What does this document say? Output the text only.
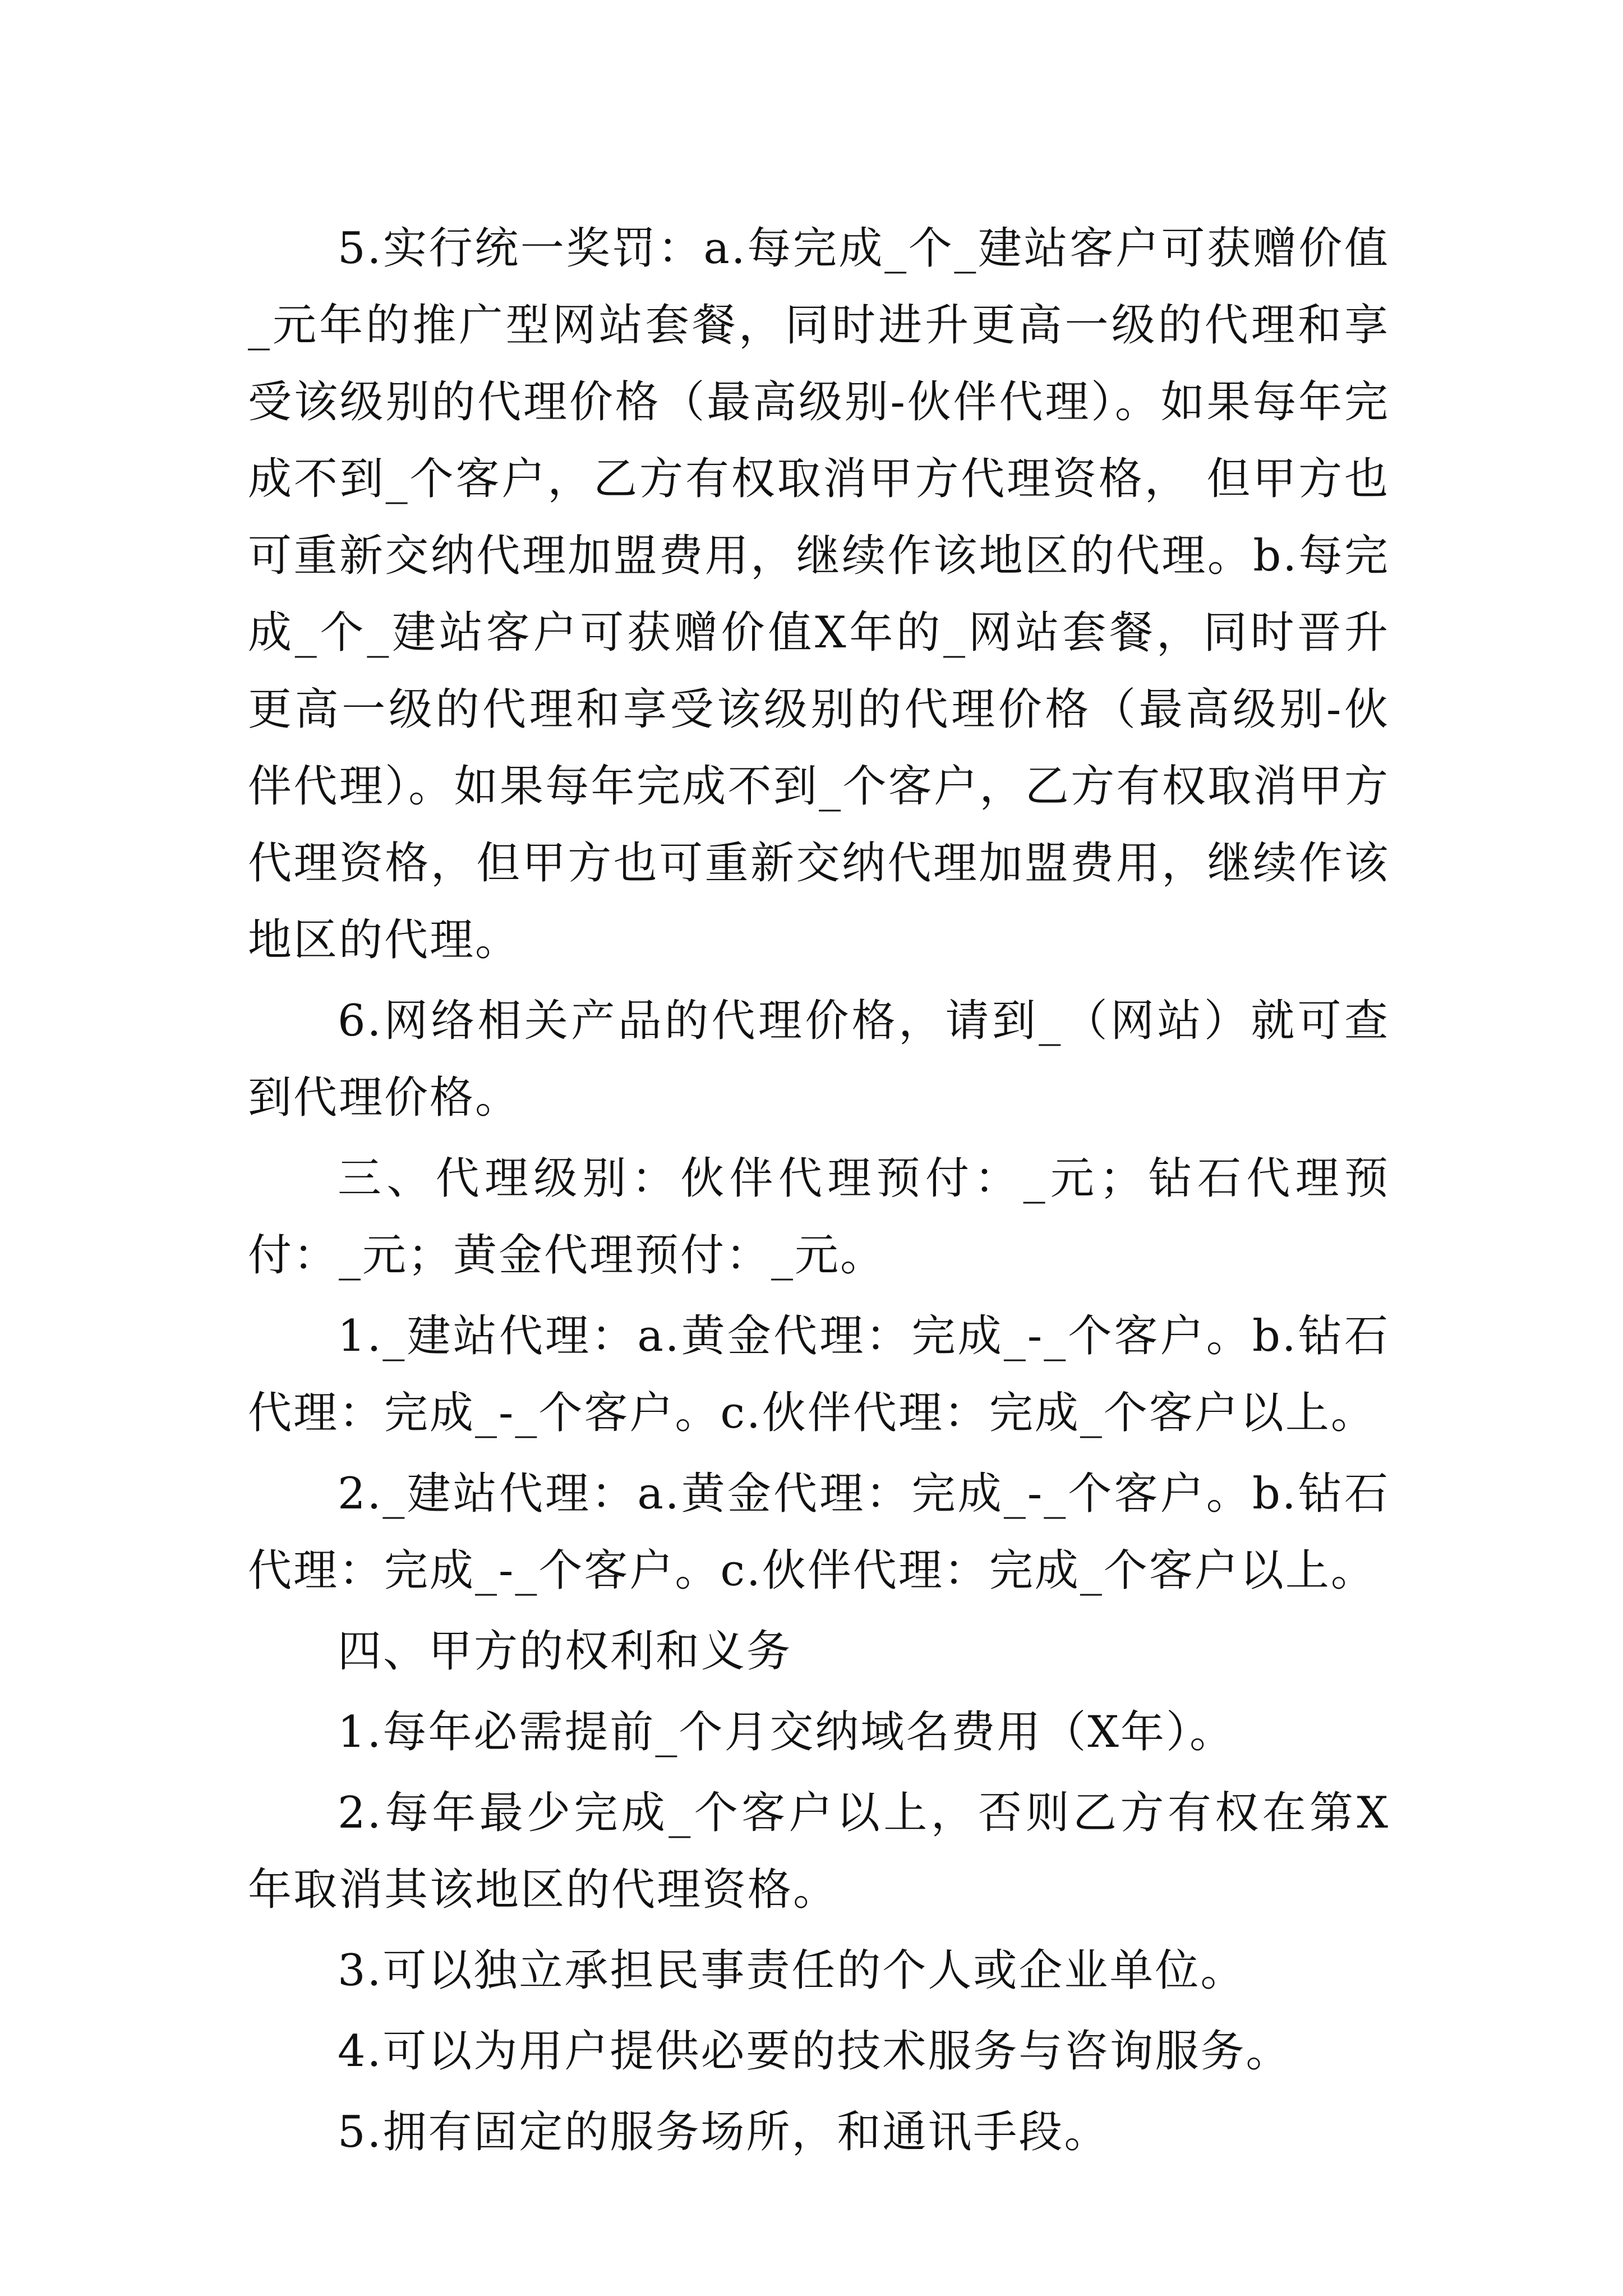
5.实行统一奖罚：a.每完成_个_建站客户可获赠价值_元年的推广型网站套餐，同时进升更高一级的代理和享受该级别的代理价格（最高级别-伙伴代理）。如果每年完成不到_个客户，乙方有权取消甲方代理资格， 但甲方也可重新交纳代理加盟费用，继续作该地区的代理。b.每完成_个_建站客户可获赠价值X年的_网站套餐，同时晋升更高一级的代理和享受该级别的代理价格（最高级别-伙伴代理）。如果每年完成不到_个客户，乙方有权取消甲方代理资格，但甲方也可重新交纳代理加盟费用，继续作该地区的代理。

6.网络相关产品的代理价格，请到_（网站）就可查到代理价格。

三、代理级别：伙伴代理预付：_元；钻石代理预付：_元；黄金代理预付：_元。

1._建站代理：a.黄金代理：完成_-_个客户。b.钻石代理：完成_-_个客户。c.伙伴代理：完成_个客户以上。

2._建站代理：a.黄金代理：完成_-_个客户。b.钻石代理：完成_-_个客户。c.伙伴代理：完成_个客户以上。

四、甲方的权利和义务

1.每年必需提前_个月交纳域名费用（X年）。

2.每年最少完成_个客户以上，否则乙方有权在第X年取消其该地区的代理资格。

3.可以独立承担民事责任的个人或企业单位。

4.可以为用户提供必要的技术服务与咨询服务。

5.拥有固定的服务场所，和通讯手段。
